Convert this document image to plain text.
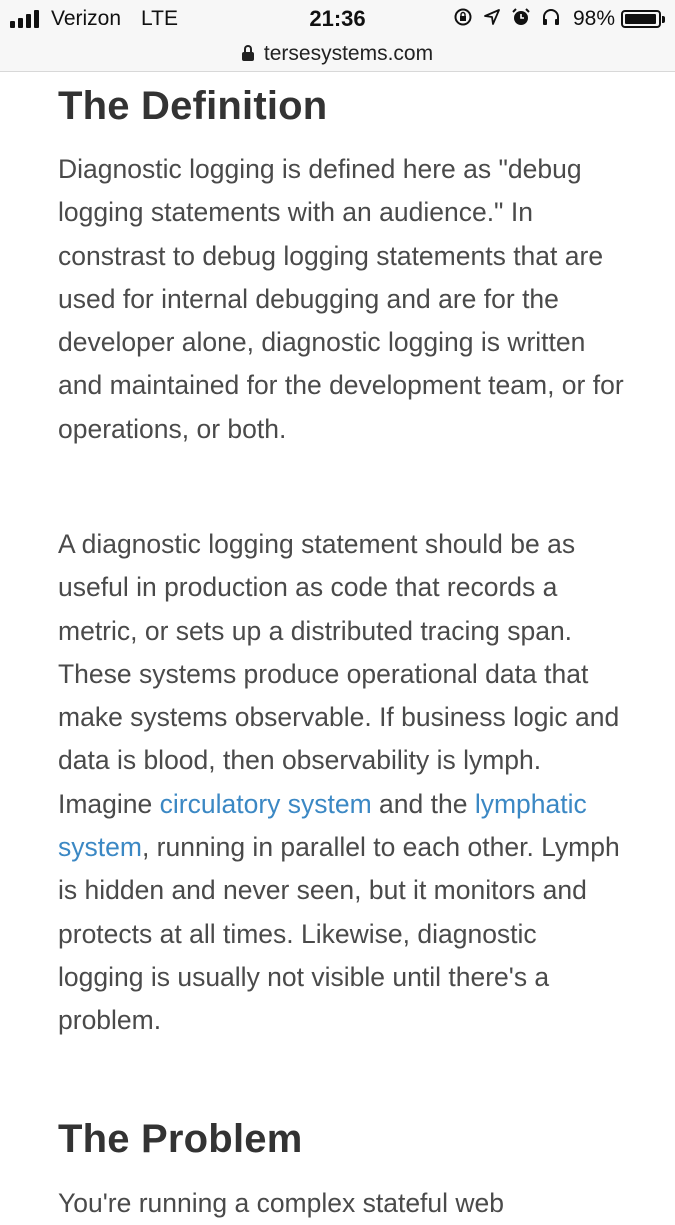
Verizon LTE	21:36	98%
tersesystems.com
The Definition

Diagnostic logging is defined here as "debug logging statements with an audience." In constrast to debug logging statements that are used for internal debugging and are for the developer alone, diagnostic logging is written and maintained for the development team, or for operations, or both.

A diagnostic logging statement should be as useful in production as code that records a metric, or sets up a distributed tracing span. These systems produce operational data that make systems observable. If business logic and data is blood, then observability is lymph. Imagine circulatory system and the lymphatic system, running in parallel to each other. Lymph is hidden and never seen, but it monitors and protects at all times. Likewise, diagnostic logging is usually not visible until there's a problem.

The Problem

You're running a complex stateful web
